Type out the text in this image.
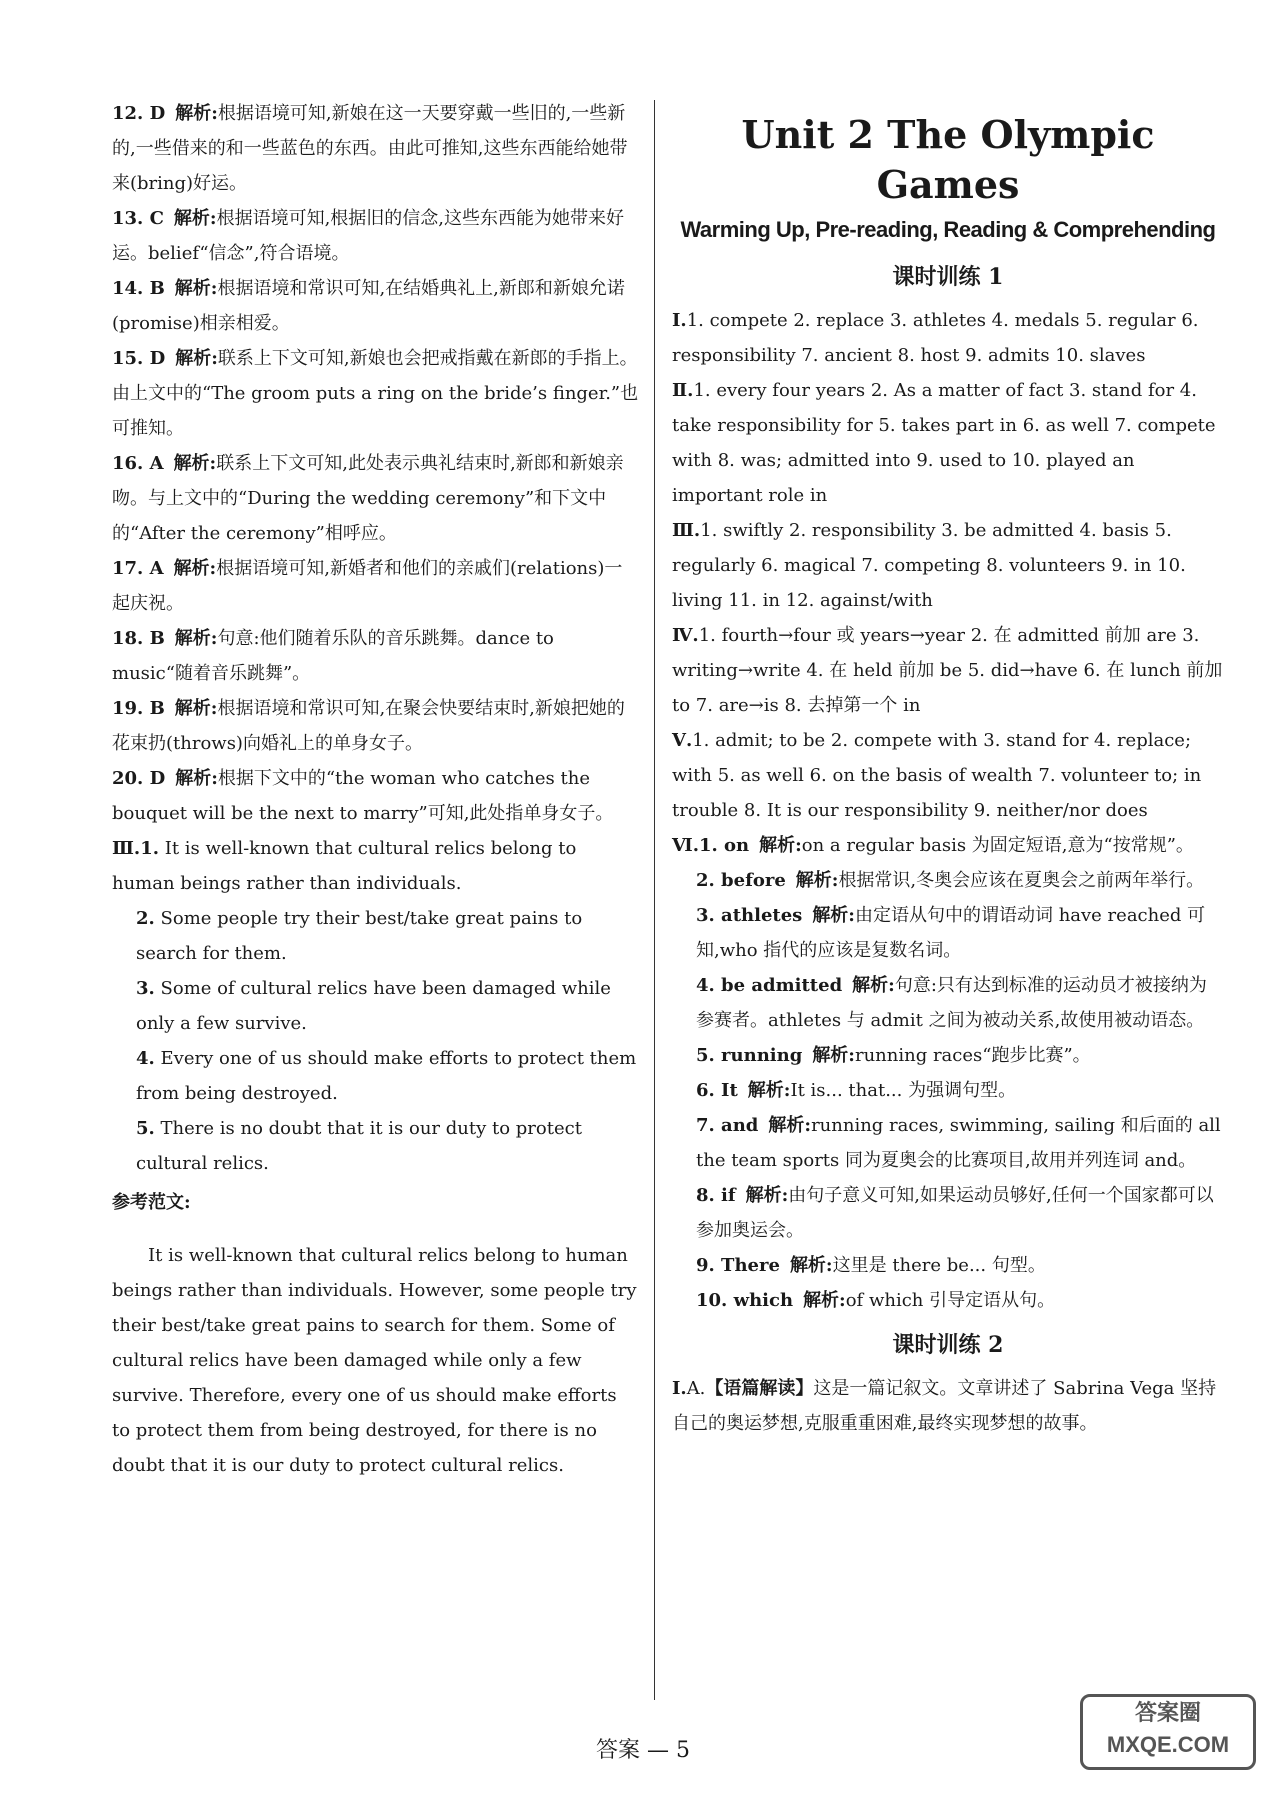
12. D 解析:根据语境可知,新娘在这一天要穿戴一些旧的,一些新的,一些借来的和一些蓝色的东西。由此可推知,这些东西能给她带来(bring)好运。

13. C 解析:根据语境可知,根据旧的信念,这些东西能为她带来好运。belief“信念”,符合语境。

14. B 解析:根据语境和常识可知,在结婚典礼上,新郎和新娘允诺(promise)相亲相爱。

15. D 解析:联系上下文可知,新娘也会把戒指戴在新郎的手指上。由上文中的“The groom puts a ring on the bride’s finger.”也可推知。

16. A 解析:联系上下文可知,此处表示典礼结束时,新郎和新娘亲吻。与上文中的“During the wedding ceremony”和下文中的“After the ceremony”相呼应。

17. A 解析:根据语境可知,新婚者和他们的亲戚们(relations)一起庆祝。

18. B 解析:句意:他们随着乐队的音乐跳舞。dance to music“随着音乐跳舞”。

19. B 解析:根据语境和常识可知,在聚会快要结束时,新娘把她的花束扔(throws)向婚礼上的单身女子。

20. D 解析:根据下文中的“the woman who catches the bouquet will be the next to marry”可知,此处指单身女子。

Ⅲ.1. It is well-known that cultural relics belong to human beings rather than individuals.

2. Some people try their best/take great pains to search for them.

3. Some of cultural relics have been damaged while only a few survive.

4. Every one of us should make efforts to protect them from being destroyed.

5. There is no doubt that it is our duty to protect cultural relics.

参考范文:

It is well-known that cultural relics belong to human beings rather than individuals. However, some people try their best/take great pains to search for them. Some of cultural relics have been damaged while only a few survive. Therefore, every one of us should make efforts to protect them from being destroyed, for there is no doubt that it is our duty to protect cultural relics.

Unit 2 The Olympic Games
Warming Up, Pre-reading, Reading & Comprehending
课时训练 1

Ⅰ.1. compete 2. replace 3. athletes 4. medals 5. regular 6. responsibility 7. ancient 8. host 9. admits 10. slaves

Ⅱ.1. every four years 2. As a matter of fact 3. stand for 4. take responsibility for 5. takes part in 6. as well 7. compete with 8. was; admitted into 9. used to 10. played an important role in

Ⅲ.1. swiftly 2. responsibility 3. be admitted 4. basis 5. regularly 6. magical 7. competing 8. volunteers 9. in 10. living 11. in 12. against/with

Ⅳ.1. fourth→four 或 years→year 2. 在 admitted 前加 are 3. writing→write 4. 在 held 前加 be 5. did→have 6. 在 lunch 前加 to 7. are→is 8. 去掉第一个 in

Ⅴ.1. admit; to be 2. compete with 3. stand for 4. replace; with 5. as well 6. on the basis of wealth 7. volunteer to; in trouble 8. It is our responsibility 9. neither/nor does

Ⅵ.1. on 解析:on a regular basis 为固定短语,意为“按常规”。

2. before 解析:根据常识,冬奥会应该在夏奥会之前两年举行。

3. athletes 解析:由定语从句中的谓语动词 have reached 可知,who 指代的应该是复数名词。

4. be admitted 解析:句意:只有达到标准的运动员才被接纳为参赛者。athletes 与 admit 之间为被动关系,故使用被动语态。

5. running 解析:running races“跑步比赛”。

6. It 解析:It is... that... 为强调句型。

7. and 解析:running races, swimming, sailing 和后面的 all the team sports 同为夏奥会的比赛项目,故用并列连词 and。

8. if 解析:由句子意义可知,如果运动员够好,任何一个国家都可以参加奥运会。

9. There 解析:这里是 there be... 句型。

10. which 解析:of which 引导定语从句。

课时训练 2

Ⅰ.A.【语篇解读】这是一篇记叙文。文章讲述了 Sabrina Vega 坚持自己的奥运梦想,克服重重困难,最终实现梦想的故事。

答案 — 5
答案圈
MXQE.COM
